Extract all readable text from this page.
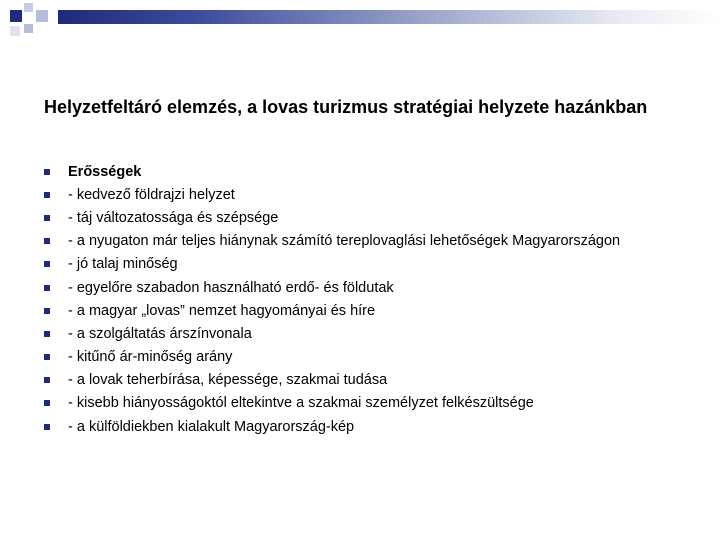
Helyzetfeltáró elemzés, a lovas turizmus stratégiai helyzete hazánkban
Erősségek
- kedvező földrajzi helyzet
- táj változatossága és szépsége
- a nyugaton már teljes hiánynak számító tereplovaglási lehetőségek Magyarországon
- jó talaj minőség
- egyelőre szabadon használható erdő- és földutak
- a magyar „lovas” nemzet hagyományai és híre
- a szolgáltatás árszínvonala
- kitűnő ár-minőség arány
- a lovak teherbírása, képessége, szakmai tudása
- kisebb hiányosságoktól eltekintve a szakmai személyzet felkészültsége
- a külföldiekben kialakult Magyarország-kép
